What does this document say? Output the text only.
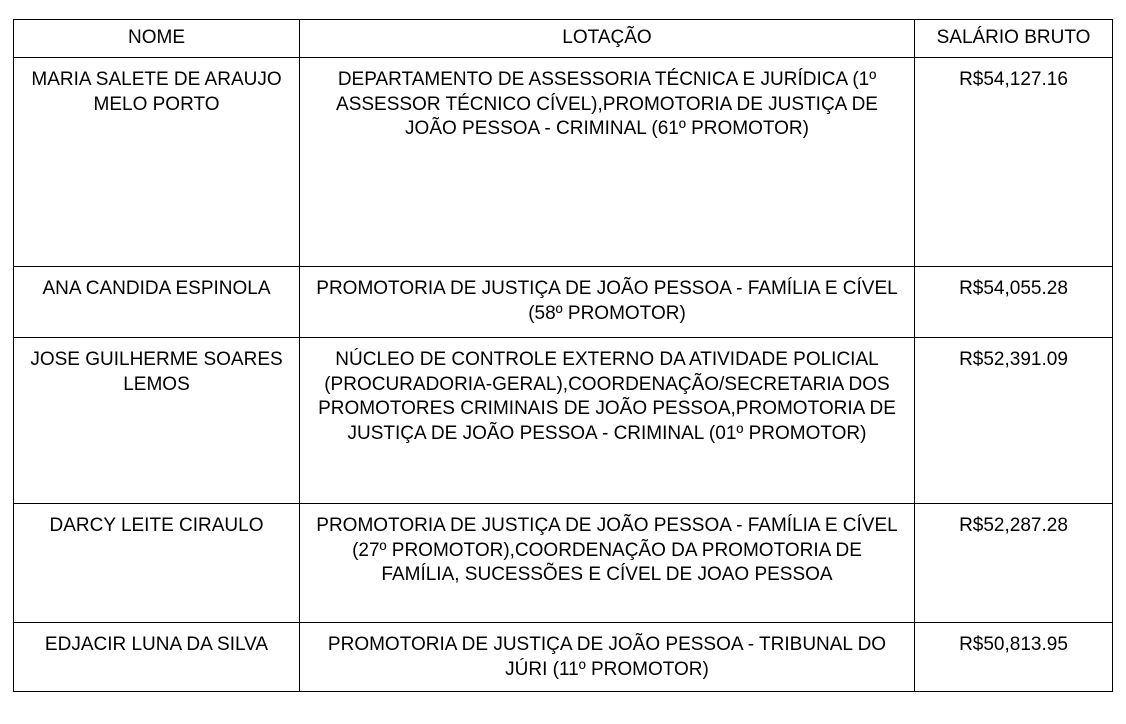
NOME	LOTAÇÃO	SALÁRIO BRUTO
MARIA SALETE DE ARAUJO MELO PORTO	DEPARTAMENTO DE ASSESSORIA TÉCNICA E JURÍDICA (1º ASSESSOR TÉCNICO CÍVEL),PROMOTORIA DE JUSTIÇA DE JOÃO PESSOA - CRIMINAL (61º PROMOTOR)	R$54,127.16
ANA CANDIDA ESPINOLA	PROMOTORIA DE JUSTIÇA DE JOÃO PESSOA - FAMÍLIA E CÍVEL (58º PROMOTOR)	R$54,055.28
JOSE GUILHERME SOARES LEMOS	NÚCLEO DE CONTROLE EXTERNO DA ATIVIDADE POLICIAL (PROCURADORIA-GERAL),COORDENAÇÃO/SECRETARIA DOS PROMOTORES CRIMINAIS DE JOÃO PESSOA,PROMOTORIA DE JUSTIÇA DE JOÃO PESSOA - CRIMINAL (01º PROMOTOR)	R$52,391.09
DARCY LEITE CIRAULO	PROMOTORIA DE JUSTIÇA DE JOÃO PESSOA - FAMÍLIA E CÍVEL (27º PROMOTOR),COORDENAÇÃO DA PROMOTORIA DE FAMÍLIA, SUCESSÕES E CÍVEL DE JOAO PESSOA	R$52,287.28
EDJACIR LUNA DA SILVA	PROMOTORIA DE JUSTIÇA DE JOÃO PESSOA - TRIBUNAL DO JÚRI (11º PROMOTOR)	R$50,813.95
